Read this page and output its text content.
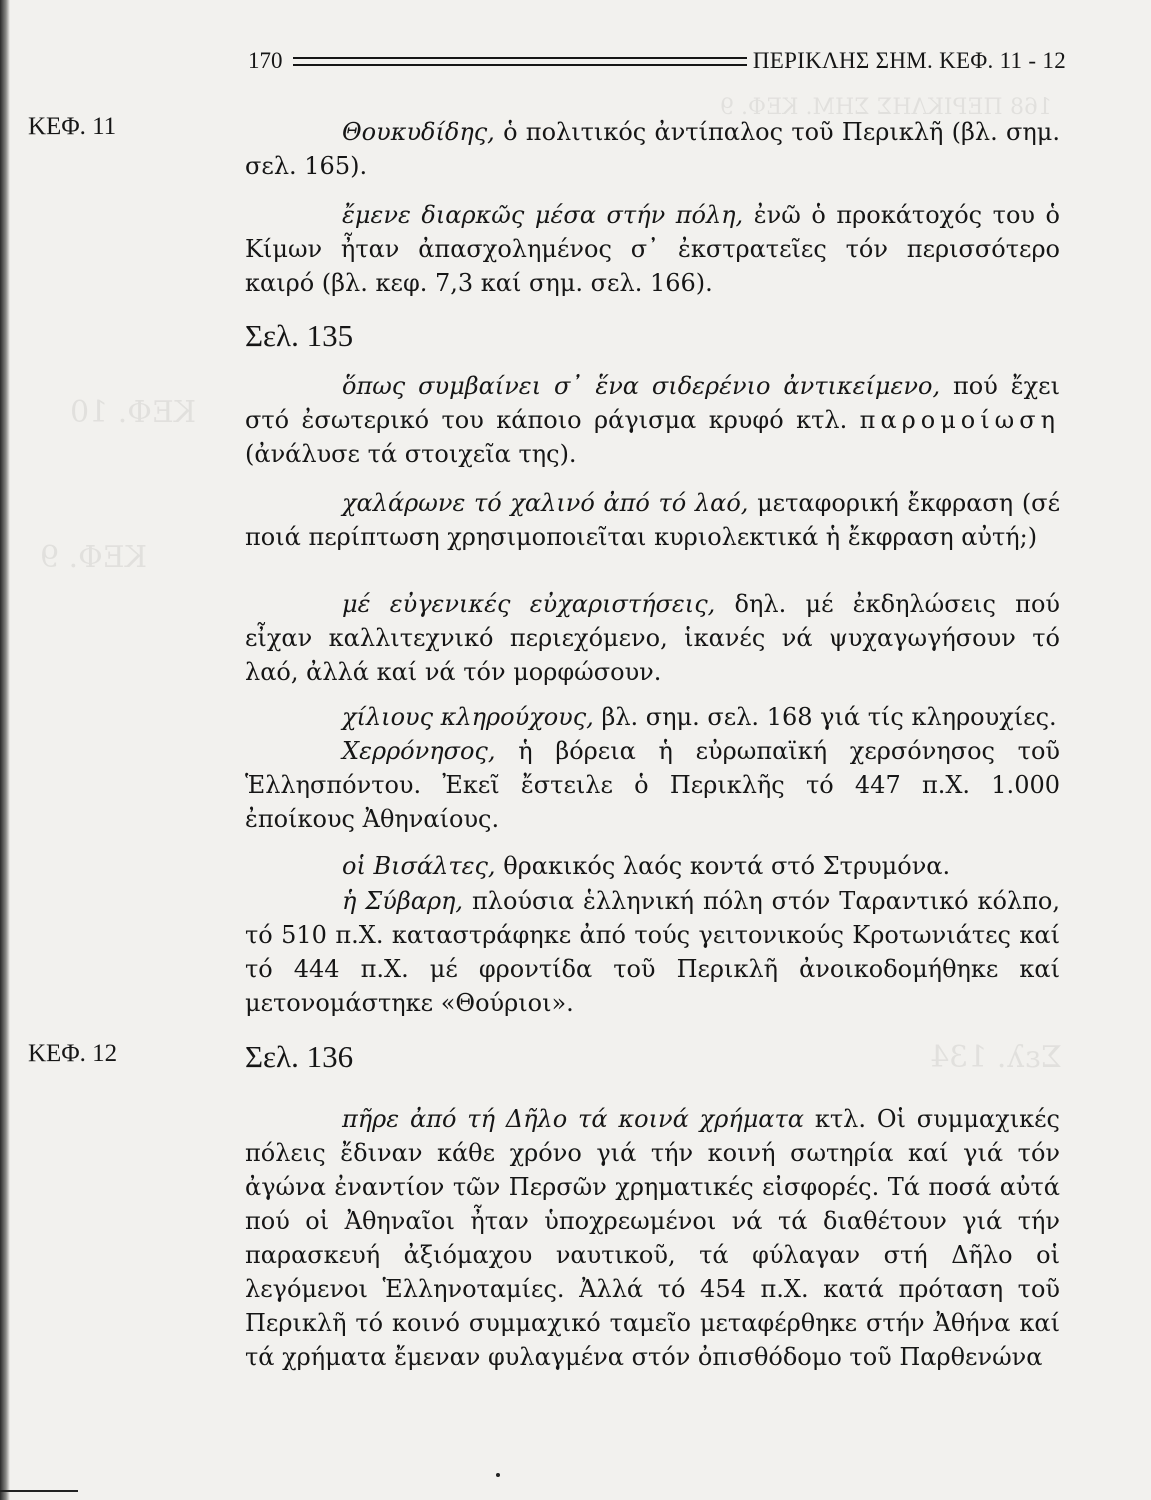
ΚΕΦ. 10
ΚΕΦ. 9
Σελ. 134
ΠΕΡΙΚΛΗΣ ΣΗΜ. ΚΕΦ. 9 168
170	ΠΕΡΙΚΛΗΣ ΣΗΜ. ΚΕΦ. 11 - 12
ΚΕΦ. 11	Θουκυδίδης, ὁ πολιτικός ἀντίπαλος τοῦ Περικλῆ (βλ. σημ. σελ. 165).
ἔμενε διαρκῶς μέσα στήν πόλη, ἐνῶ ὁ προκάτοχός του ὁ Κίμων ἦταν ἀπασχολημένος σ᾽ ἐκστρατεῖες τόν περισσότερο καιρό (βλ. κεφ. 7,3 καί σημ. σελ. 166).
Σελ. 135
ὅπως συμβαίνει σ᾽ ἕνα σιδερένιο ἀντικείμενο, πού ἔχει στό ἐσωτερικό του κάποιο ράγισμα κρυφό κτλ. παρομοίωση (ἀνάλυσε τά στοιχεῖα της).
χαλάρωνε τό χαλινό ἀπό τό λαό, μεταφορική ἔκφραση (σέ ποιά περίπτωση χρησιμοποιεῖται κυριολεκτικά ἡ ἔκφραση αὐτή;)
μέ εὐγενικές εὐχαριστήσεις, δηλ. μέ ἐκδηλώσεις πού εἶχαν καλλιτεχνικό περιεχόμενο, ἱκανές νά ψυχαγωγήσουν τό λαό, ἀλλά καί νά τόν μορφώσουν.
χίλιους κληρούχους, βλ. σημ. σελ. 168 γιά τίς κληρουχίες.
Χερρόνησος, ἡ βόρεια ἡ εὐρωπαϊκή χερσόνησος τοῦ Ἑλλησπόντου. Ἐκεῖ ἔστειλε ὁ Περικλῆς τό 447 π.Χ. 1.000 ἐποίκους Ἀθηναίους.
οἱ Βισάλτες, θρακικός λαός κοντά στό Στρυμόνα.
ἡ Σύβαρη, πλούσια ἑλληνική πόλη στόν Ταραντικό κόλπο, τό 510 π.Χ. καταστράφηκε ἀπό τούς γειτονικούς Κροτωνιάτες καί τό 444 π.Χ. μέ φροντίδα τοῦ Περικλῆ ἀνοικοδομήθηκε καί μετονομάστηκε «Θούριοι».
ΚΕΦ. 12	Σελ. 136
πῆρε ἀπό τή Δῆλο τά κοινά χρήματα κτλ. Οἱ συμμαχικές πόλεις ἔδιναν κάθε χρόνο γιά τήν κοινή σωτηρία καί γιά τόν ἀγώνα ἐναντίον τῶν Περσῶν χρηματικές εἰσφορές. Τά ποσά αὐτά πού οἱ Ἀθηναῖοι ἦταν ὑποχρεωμένοι νά τά διαθέτουν γιά τήν παρασκευή ἀξιόμαχου ναυτικοῦ, τά φύλαγαν στή Δῆλο οἱ λεγόμενοι Ἑλληνοταμίες. Ἀλλά τό 454 π.Χ. κατά πρόταση τοῦ Περικλῆ τό κοινό συμμαχικό ταμεῖο μεταφέρθηκε στήν Ἀθήνα καί τά χρήματα ἔμεναν φυλαγμένα στόν ὀπισθόδομο τοῦ Παρθενώνα
